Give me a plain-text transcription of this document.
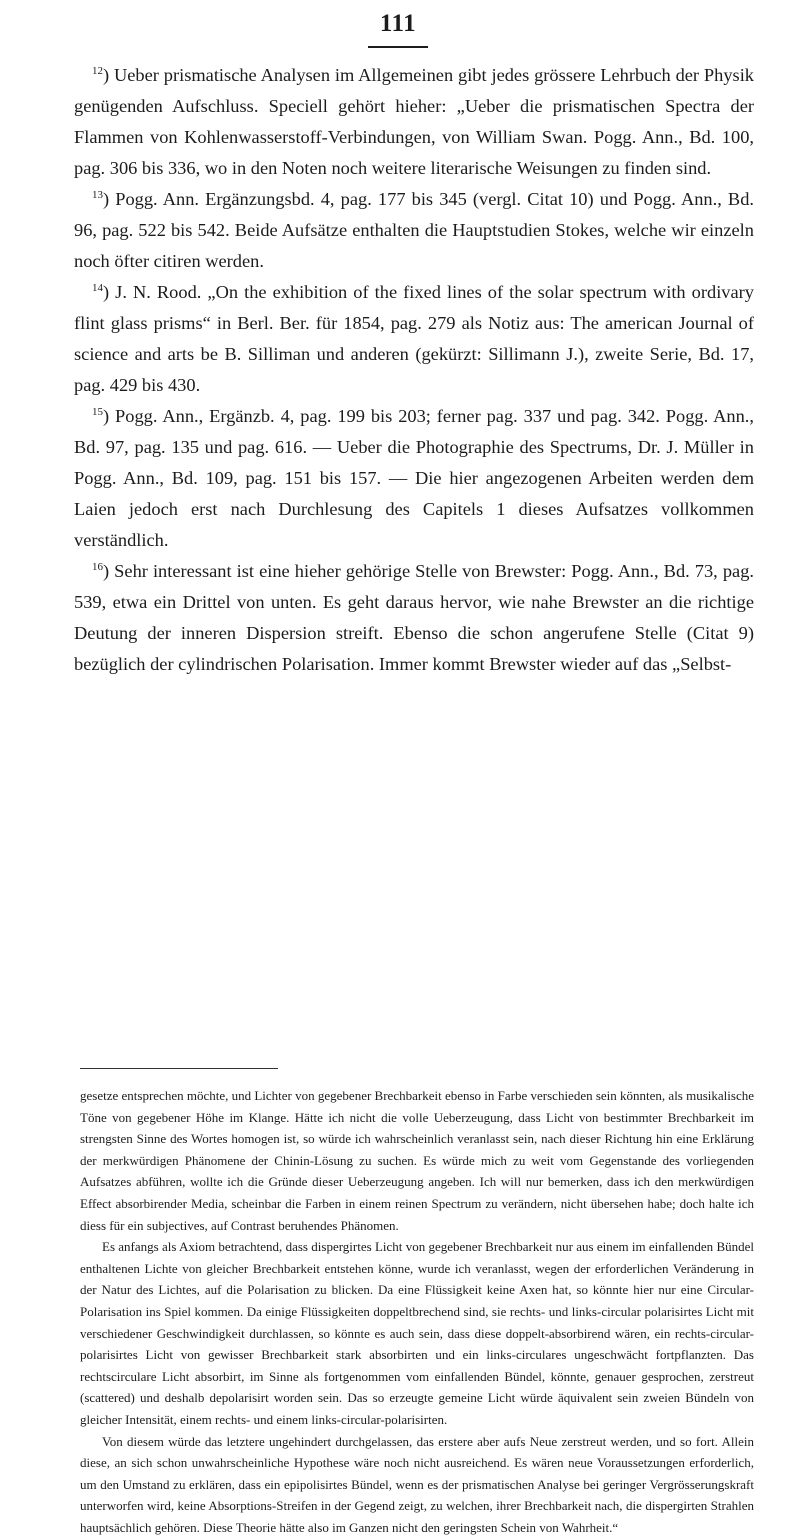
111

$^{12}$) Ueber prismatische Analysen im Allgemeinen gibt jedes grössere Lehrbuch der Physik genügenden Aufschluss. Speciell gehört hieher: „Ueber die prismatischen Spectra der Flammen von Kohlenwasserstoff-Verbindungen, von William Swan. Pogg. Ann., Bd. 100, pag. 306 bis 336, wo in den Noten noch weitere literarische Weisungen zu finden sind.

$^{13}$) Pogg. Ann. Ergänzungsbd. 4, pag. 177 bis 345 (vergl. Citat 10) und Pogg. Ann., Bd. 96, pag. 522 bis 542. Beide Aufsätze enthalten die Hauptstudien Stokes, welche wir einzeln noch öfter citiren werden.

$^{14}$) J. N. Rood. „On the exhibition of the fixed lines of the solar spectrum with ordivary flint glass prisms“ in Berl. Ber. für 1854, pag. 279 als Notiz aus: The american Journal of science and arts be B. Silliman und anderen (gekürzt: Sillimann J.), zweite Serie, Bd. 17, pag. 429 bis 430.

$^{15}$) Pogg. Ann., Ergänzb. 4, pag. 199 bis 203; ferner pag. 337 und pag. 342. Pogg. Ann., Bd. 97, pag. 135 und pag. 616. — Ueber die Photographie des Spectrums, Dr. J. Müller in Pogg. Ann., Bd. 109, pag. 151 bis 157. — Die hier angezogenen Arbeiten werden dem Laien jedoch erst nach Durchlesung des Capitels 1 dieses Aufsatzes vollkommen verständlich.

$^{16}$) Sehr interessant ist eine hieher gehörige Stelle von Brewster: Pogg. Ann., Bd. 73, pag. 539, etwa ein Drittel von unten. Es geht daraus hervor, wie nahe Brewster an die richtige Deutung der inneren Dispersion streift. Ebenso die schon angerufene Stelle (Citat 9) bezüglich der cylindrischen Polarisation. Immer kommt Brewster wieder auf das „Selbst-

gesetze entsprechen möchte, und Lichter von gegebener Brechbarkeit ebenso in Farbe verschieden sein könnten, als musikalische Töne von gegebener Höhe im Klange. Hätte ich nicht die volle Ueberzeugung, dass Licht von bestimmter Brechbarkeit im strengsten Sinne des Wortes homogen ist, so würde ich wahrscheinlich veranlasst sein, nach dieser Richtung hin eine Erklärung der merkwürdigen Phänomene der Chinin-Lösung zu suchen. Es würde mich zu weit vom Gegenstande des vorliegenden Aufsatzes abführen, wollte ich die Gründe dieser Ueberzeugung angeben. Ich will nur bemerken, dass ich den merkwürdigen Effect absorbirender Media, scheinbar die Farben in einem reinen Spectrum zu verändern, nicht übersehen habe; doch halte ich diess für ein subjectives, auf Contrast beruhendes Phänomen.

Es anfangs als Axiom betrachtend, dass dispergirtes Licht von gegebener Brechbarkeit nur aus einem im einfallenden Bündel enthaltenen Lichte von gleicher Brechbarkeit entstehen könne, wurde ich veranlasst, wegen der erforderlichen Veränderung in der Natur des Lichtes, auf die Polarisation zu blicken. Da eine Flüssigkeit keine Axen hat, so könnte hier nur eine Circular-Polarisation ins Spiel kommen. Da einige Flüssigkeiten doppeltbrechend sind, sie rechts- und links-circular polarisirtes Licht mit verschiedener Geschwindigkeit durchlassen, so könnte es auch sein, dass diese doppelt-absorbirend wären, ein rechts-circular-polarisirtes Licht von gewisser Brechbarkeit stark absorbirten und ein links-circulares ungeschwächt fortpflanzten. Das rechtscirculare Licht absorbirt, im Sinne als fortgenommen vom einfallenden Bündel, könnte, genauer gesprochen, zerstreut (scattered) und deshalb depolarisirt worden sein. Das so erzeugte gemeine Licht würde äquivalent sein zweien Bündeln von gleicher Intensität, einem rechts- und einem links-circular-polarisirten.

Von diesem würde das letztere ungehindert durchgelassen, das erstere aber aufs Neue zerstreut werden, und so fort. Allein diese, an sich schon unwahrscheinliche Hypothese wäre noch nicht ausreichend. Es wären neue Voraussetzungen erforderlich, um den Umstand zu erklären, dass ein epipolisirtes Bündel, wenn es der prismatischen Analyse bei geringer Vergrösserungskraft unterworfen wird, keine Absorptions-Streifen in der Gegend zeigt, zu welchen, ihrer Brechbarkeit nach, die dispergirten Strahlen hauptsächlich gehören. Diese Theorie hätte also im Ganzen nicht den geringsten Schein von Wahrheit.“
